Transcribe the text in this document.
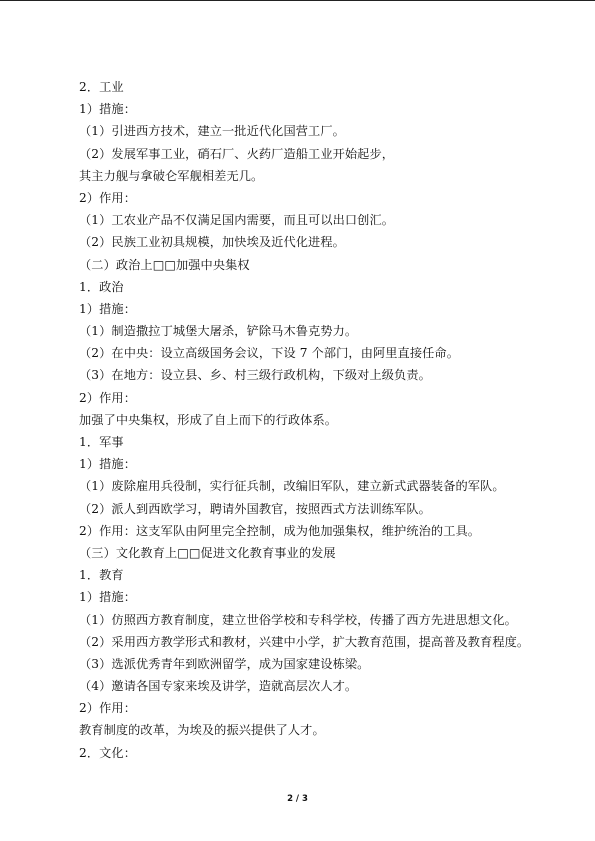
2．工业
1）措施：
（1）引进西方技术，建立一批近代化国营工厂。
（2）发展军事工业，硝石厂、火药厂造船工业开始起步，
其主力舰与拿破仑军舰相差无几。
2）作用：
（1）工农业产品不仅满足国内需要，而且可以出口创汇。
（2）民族工业初具规模，加快埃及近代化进程。
（二）政治上□□加强中央集权
1．政治
1）措施：
（1）制造撒拉丁城堡大屠杀，铲除马木鲁克势力。
（2）在中央：设立高级国务会议，下设 7 个部门，由阿里直接任命。
（3）在地方：设立县、乡、村三级行政机构，下级对上级负责。
2）作用：
加强了中央集权，形成了自上而下的行政体系。
1．军事
1）措施：
（1）废除雇用兵役制，实行征兵制，改编旧军队，建立新式武器装备的军队。
（2）派人到西欧学习，聘请外国教官，按照西式方法训练军队。
2）作用：这支军队由阿里完全控制，成为他加强集权，维护统治的工具。
（三）文化教育上□□促进文化教育事业的发展
1．教育
1）措施：
（1）仿照西方教育制度，建立世俗学校和专科学校，传播了西方先进思想文化。
（2）采用西方教学形式和教材，兴建中小学，扩大教育范围，提高普及教育程度。
（3）选派优秀青年到欧洲留学，成为国家建设栋梁。
（4）邀请各国专家来埃及讲学，造就高层次人才。
2）作用：
教育制度的改革，为埃及的振兴提供了人才。
2．文化：
2 / 3
